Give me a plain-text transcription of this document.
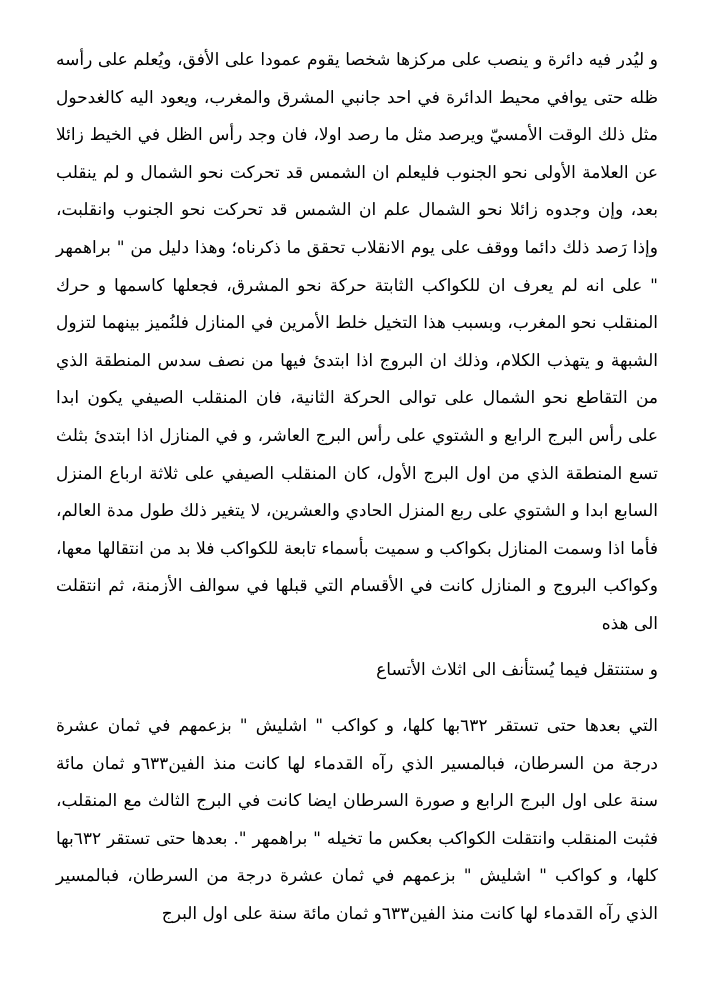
و ليُدر فيه دائرة و ينصب على مركزها شخصا يقوم عمودا على الأفق، ويُعلم على رأسه ظله حتى يوافي محيط الدائرة في احد جانبي المشرق والمغرب، ويعود اليه كالغدحول مثل ذلك الوقت الأمسيّ ويرصد مثل ما رصد اولا، فان وجد رأس الظل في الخيط زائلا عن العلامة الأولى نحو الجنوب فليعلم ان الشمس قد تحركت نحو الشمال و لم ينقلب بعد، وإن وجدوه زائلا نحو الشمال علم ان الشمس قد تحركت نحو الجنوب وانقلبت، وإذا رَصد ذلك دائما ووقف على يوم الانقلاب تحقق ما ذكرناه؛ وهذا دليل من " براهمهر " على انه لم يعرف ان للكواكب الثابتة حركة نحو المشرق، فجعلها كاسمها و حرك المنقلب نحو المغرب، وبسبب هذا التخيل خلط الأمرين في المنازل فلنُميز بينهما لتزول الشبهة و يتهذب الكلام، وذلك ان البروج اذا ابتدئ فيها من نصف سدس المنطقة الذي من التقاطع نحو الشمال على توالى الحركة الثانية، فان المنقلب الصيفي يكون ابدا على رأس البرج الرابع و الشتوي على رأس البرج العاشر، و في المنازل اذا ابتدئ بثلث تسع المنطقة الذي من اول البرج الأول، كان المنقلب الصيفي على ثلاثة ارباع المنزل السابع ابدا و الشتوي على ربع المنزل الحادي والعشرين، لا يتغير ذلك طول مدة العالم، فأما اذا وسمت المنازل بكواكب و سميت بأسماء تابعة للكواكب فلا بد من انتقالها معها، وكواكب البروج و المنازل كانت في الأقسام التي قبلها في سوالف الأزمنة، ثم انتقلت الى هذه

و ستنتقل فيما يُستأنف الى اثلاث الأتساع

التي بعدها حتى تستقر ٦٣٢بها كلها، و كواكب " اشليش " بزعمهم في ثمان عشرة درجة من السرطان، فبالمسير الذي رآه القدماء لها كانت منذ الفين٦٣٣و ثمان مائة سنة على اول البرج الرابع و صورة السرطان ايضا كانت في البرج الثالث مع المنقلب، فثبت المنقلب وانتقلت الكواكب بعكس ما تخيله " براهمهر ". بعدها حتى تستقر ٦٣٢بها كلها، و كواكب " اشليش " بزعمهم في ثمان عشرة درجة من السرطان، فبالمسير الذي رآه القدماء لها كانت منذ الفين٦٣٣و ثمان مائة سنة على اول البرج
